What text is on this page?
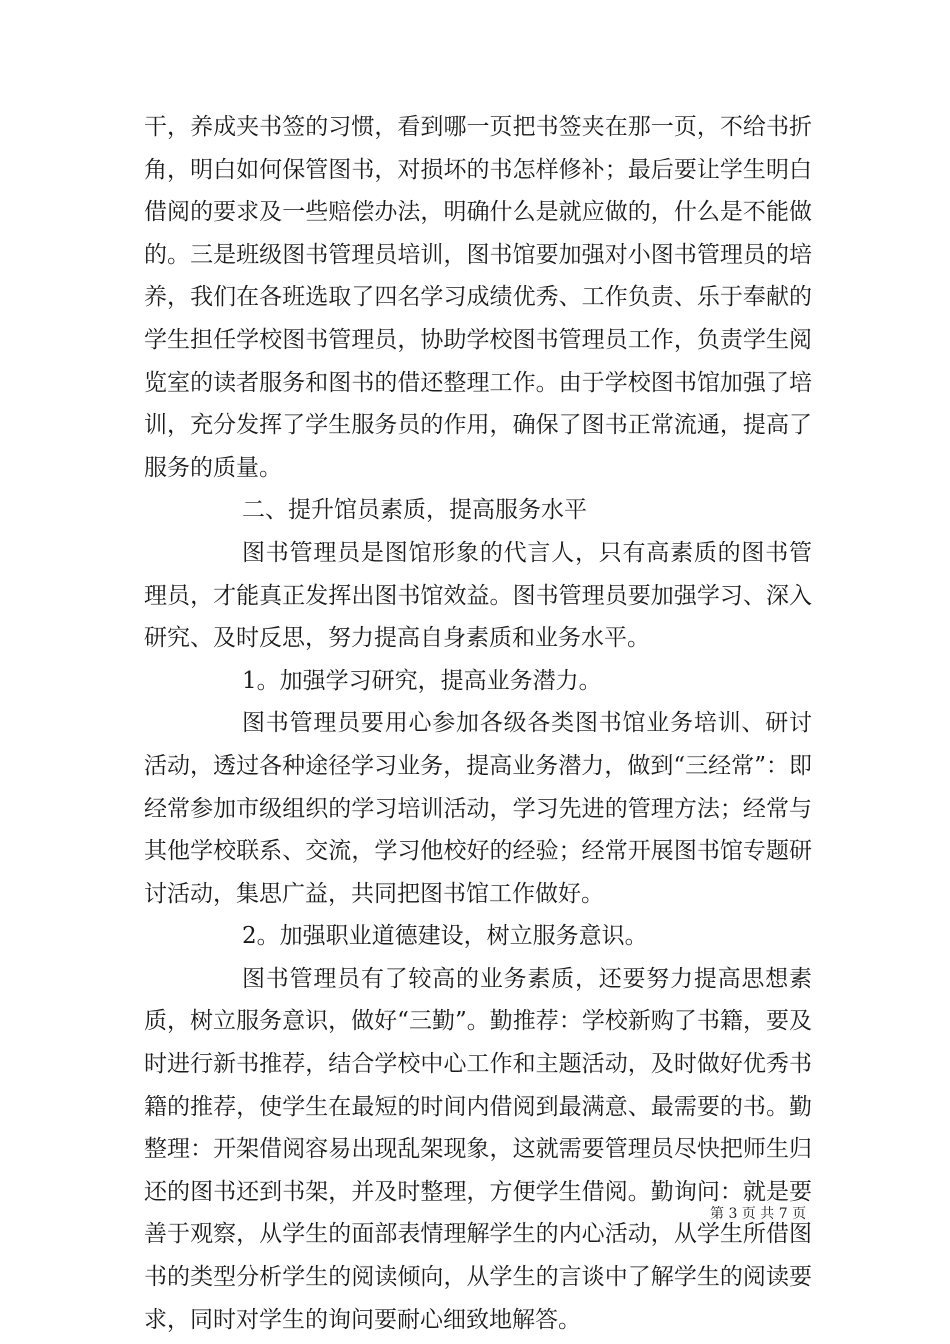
干，养成夹书签的习惯，看到哪一页把书签夹在那一页，不给书折角，明白如何保管图书，对损坏的书怎样修补；最后要让学生明白借阅的要求及一些赔偿办法，明确什么是就应做的，什么是不能做的。三是班级图书管理员培训，图书馆要加强对小图书管理员的培养，我们在各班选取了四名学习成绩优秀、工作负责、乐于奉献的学生担任学校图书管理员，协助学校图书管理员工作，负责学生阅览室的读者服务和图书的借还整理工作。由于学校图书馆加强了培训，充分发挥了学生服务员的作用，确保了图书正常流通，提高了服务的质量。

二、提升馆员素质，提高服务水平

图书管理员是图馆形象的代言人，只有高素质的图书管理员，才能真正发挥出图书馆效益。图书管理员要加强学习、深入研究、及时反思，努力提高自身素质和业务水平。

1。加强学习研究，提高业务潜力。

图书管理员要用心参加各级各类图书馆业务培训、研讨活动，透过各种途径学习业务，提高业务潜力，做到“三经常”：即经常参加市级组织的学习培训活动，学习先进的管理方法；经常与其他学校联系、交流，学习他校好的经验；经常开展图书馆专题研讨活动，集思广益，共同把图书馆工作做好。

2。加强职业道德建设，树立服务意识。

图书管理员有了较高的业务素质，还要努力提高思想素质，树立服务意识，做好“三勤”。勤推荐：学校新购了书籍，要及时进行新书推荐，结合学校中心工作和主题活动，及时做好优秀书籍的推荐，使学生在最短的时间内借阅到最满意、最需要的书。勤整理：开架借阅容易出现乱架现象，这就需要管理员尽快把师生归还的图书还到书架，并及时整理，方便学生借阅。勤询问：就是要善于观察，从学生的面部表情理解学生的内心活动，从学生所借图书的类型分析学生的阅读倾向，从学生的言谈中了解学生的阅读要求，同时对学生的询问要耐心细致地解答。

第 3 页 共 7 页
